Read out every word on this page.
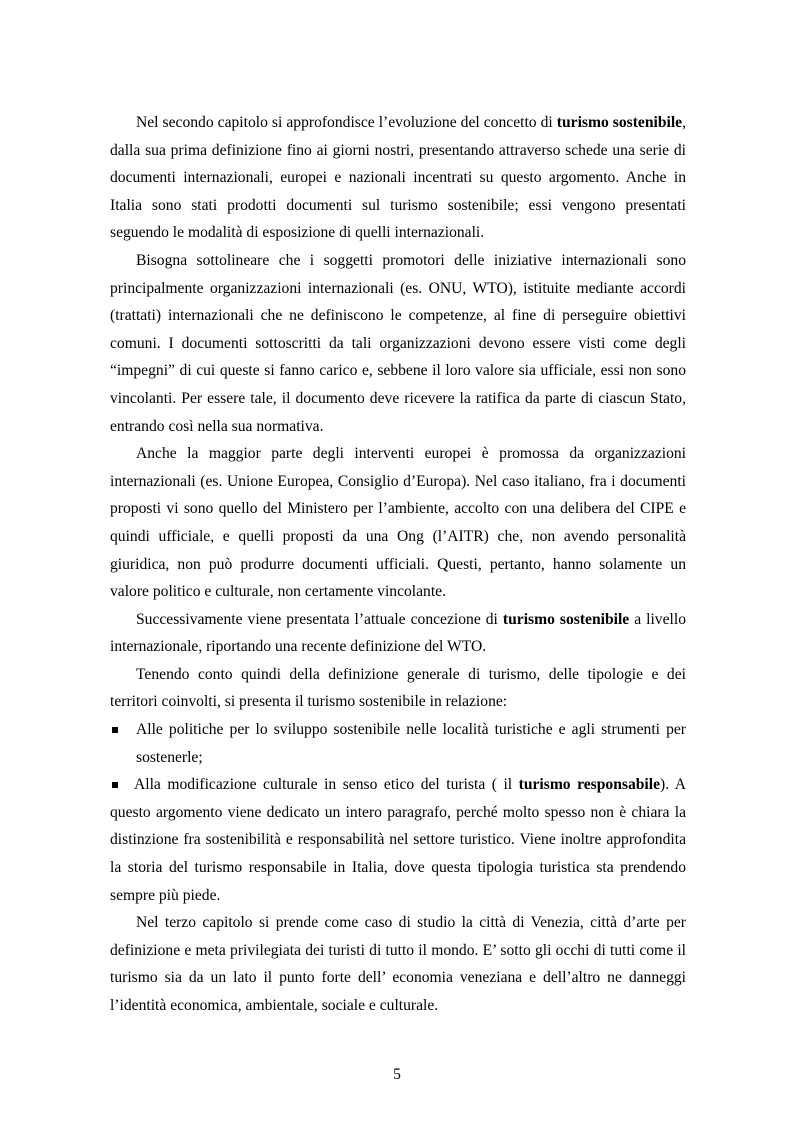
Nel secondo capitolo si approfondisce l’evoluzione del concetto di turismo sostenibile, dalla sua prima definizione fino ai giorni nostri, presentando attraverso schede una serie di documenti internazionali, europei e nazionali incentrati su questo argomento. Anche in Italia sono stati prodotti documenti sul turismo sostenibile; essi vengono presentati seguendo le modalità di esposizione di quelli internazionali.

Bisogna sottolineare che i soggetti promotori delle iniziative internazionali sono principalmente organizzazioni internazionali (es. ONU, WTO), istituite mediante accordi (trattati) internazionali che ne definiscono le competenze, al fine di perseguire obiettivi comuni. I documenti sottoscritti da tali organizzazioni devono essere visti come degli “impegni” di cui queste si fanno carico e, sebbene il loro valore sia ufficiale, essi non sono vincolanti. Per essere tale, il documento deve ricevere la ratifica da parte di ciascun Stato, entrando così nella sua normativa.

Anche la maggior parte degli interventi europei è promossa da organizzazioni internazionali (es. Unione Europea, Consiglio d’Europa). Nel caso italiano, fra i documenti proposti vi sono quello del Ministero per l’ambiente, accolto con una delibera del CIPE e quindi ufficiale, e quelli proposti da una Ong (l’AITR) che, non avendo personalità giuridica, non può produrre documenti ufficiali. Questi, pertanto, hanno solamente un valore politico e culturale, non certamente vincolante.

Successivamente viene presentata l’attuale concezione di turismo sostenibile a livello internazionale, riportando una recente definizione del WTO.

Tenendo conto quindi della definizione generale di turismo, delle tipologie e dei territori coinvolti, si presenta il turismo sostenibile in relazione:

Alle politiche per lo sviluppo sostenibile nelle località turistiche e agli strumenti per sostenerle;

Alla modificazione culturale in senso etico del turista ( il turismo responsabile). A questo argomento viene dedicato un intero paragrafo, perché molto spesso non è chiara la distinzione fra sostenibilità e responsabilità nel settore turistico. Viene inoltre approfondita la storia del turismo responsabile in Italia, dove questa tipologia turistica sta prendendo sempre più piede.

Nel terzo capitolo si prende come caso di studio la città di Venezia, città d’arte per definizione e meta privilegiata dei turisti di tutto il mondo. E’ sotto gli occhi di tutti come il turismo sia da un lato il punto forte dell’ economia veneziana e dell’altro ne danneggi l’identità economica, ambientale, sociale e culturale.

5
